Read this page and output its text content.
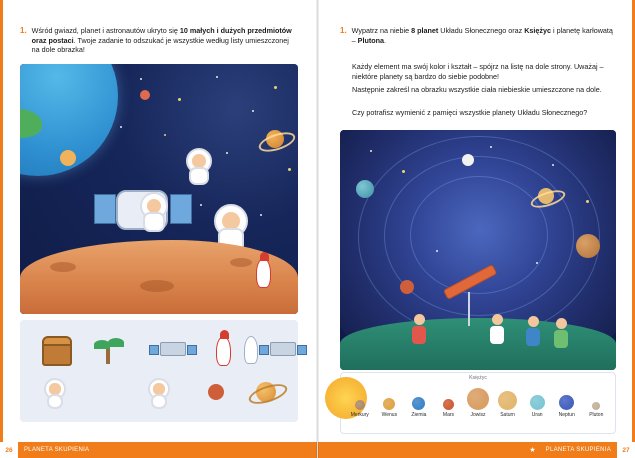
1. Wśród gwiazd, planet i astronautów ukryto się 10 małych i dużych przedmiotów oraz postaci. Twoje zadanie to odszukać je wszystkie według listy umieszczonej na dole obrazka!
26	PLANETA SKUPIENIA
1. Wypatrz na niebie 8 planet Układu Słonecznego oraz Księżyc i planetę karłowatą – Plutona.
Każdy element ma swój kolor i kształt – spójrz na listę na dole strony. Uważaj – niektóre planety są bardzo do siebie podobne!
Następnie zakreśl na obrazku wszystkie ciała niebieskie umieszczone na dole.
Czy potrafisz wymienić z pamięci wszystkie planety Układu Słonecznego?
Księżyc
Merkury	Wenus	Ziemia	Mars	Jowisz	Saturn	Uran	Neptun	Pluton
★	PLANETA SKUPIENIA	27
